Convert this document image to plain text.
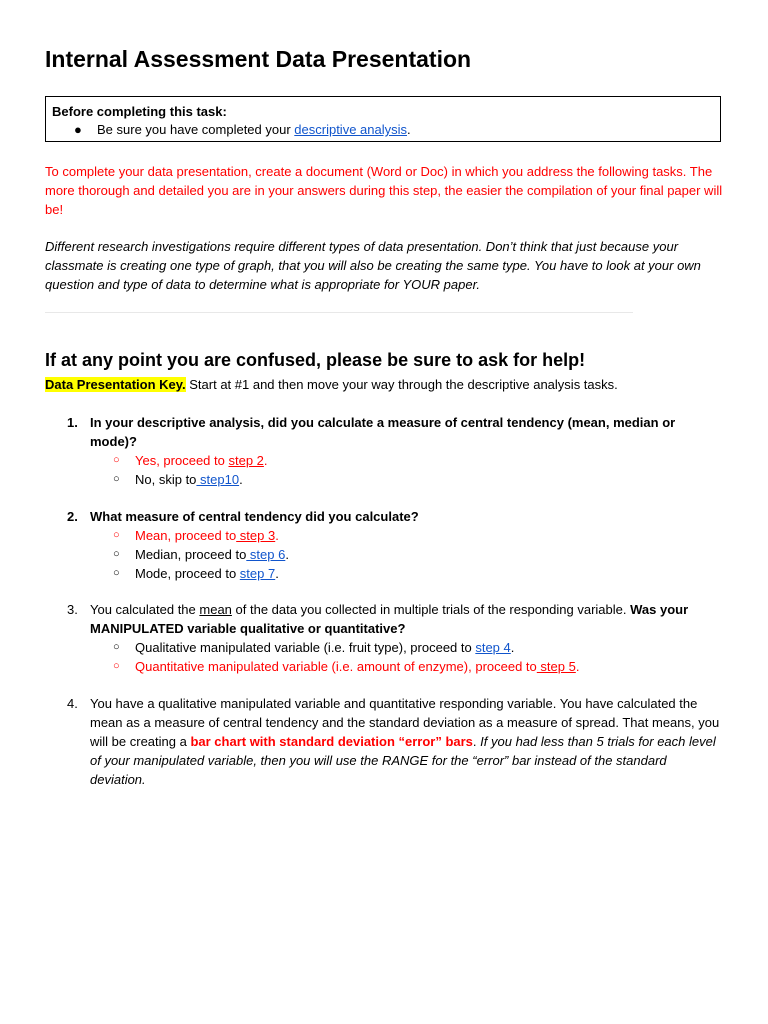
Internal Assessment Data Presentation
Before completing this task:
● Be sure you have completed your descriptive analysis.

To complete your data presentation, create a document (Word or Doc) in which you address the following tasks. The more thorough and detailed you are in your answers during this step, the easier the compilation of your final paper will be!

Different research investigations require different types of data presentation. Don’t think that just because your classmate is creating one type of graph, that you will also be creating the same type. You have to look at your own question and type of data to determine what is appropriate for YOUR paper.

If at any point you are confused, please be sure to ask for help!
Data Presentation Key. Start at #1 and then move your way through the descriptive analysis tasks.
1. In your descriptive analysis, did you calculate a measure of central tendency (mean, median or mode)?
○ Yes, proceed to step 2.
○ No, skip to step10.
2. What measure of central tendency did you calculate?
○ Mean, proceed to step 3.
○ Median, proceed to step 6.
○ Mode, proceed to step 7.
3. You calculated the mean of the data you collected in multiple trials of the responding variable. Was your MANIPULATED variable qualitative or quantitative?
○ Qualitative manipulated variable (i.e. fruit type), proceed to step 4.
○ Quantitative manipulated variable (i.e. amount of enzyme), proceed to step 5.
4. You have a qualitative manipulated variable and quantitative responding variable. You have calculated the mean as a measure of central tendency and the standard deviation as a measure of spread. That means, you will be creating a bar chart with standard deviation “error” bars. If you had less than 5 trials for each level of your manipulated variable, then you will use the RANGE for the “error” bar instead of the standard deviation.
